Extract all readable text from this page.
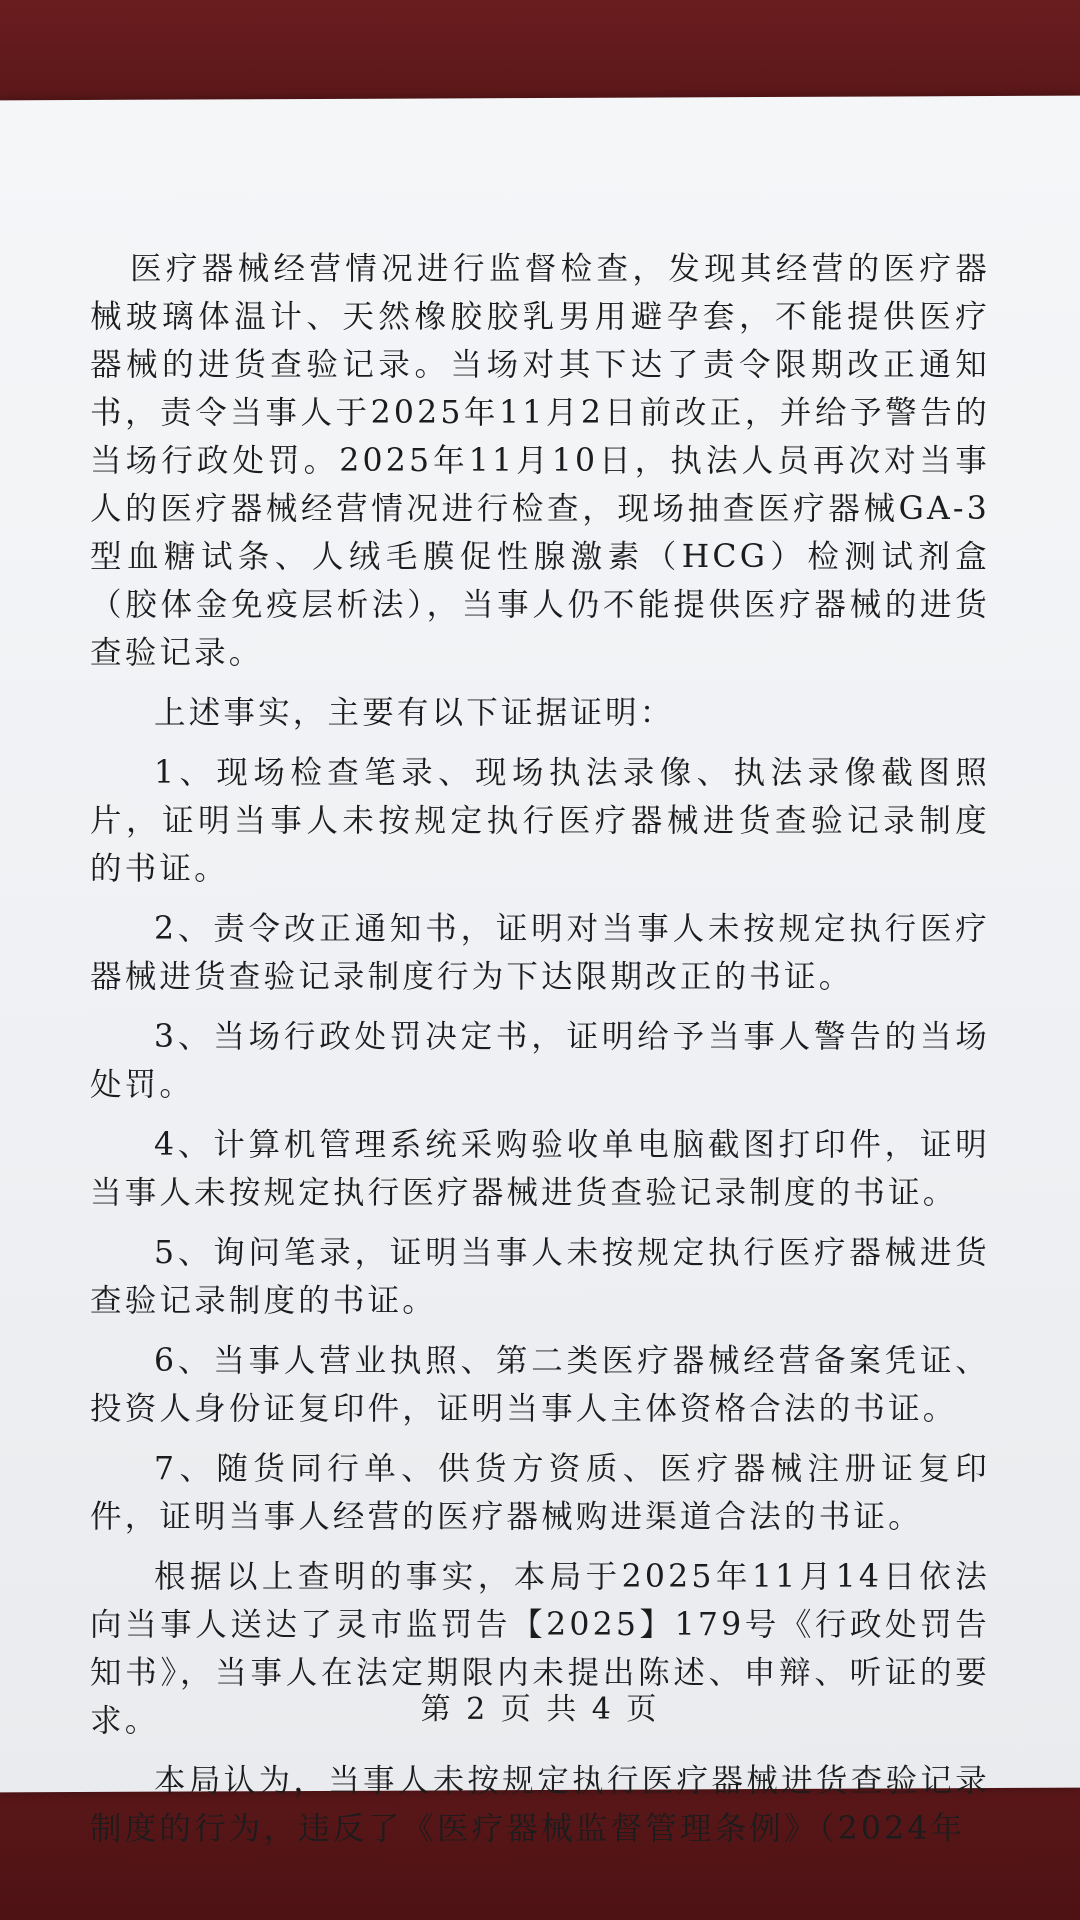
医疗器械经营情况进行监督检查，发现其经营的医疗器械玻璃体温计、天然橡胶胶乳男用避孕套，不能提供医疗器械的进货查验记录。当场对其下达了责令限期改正通知书，责令当事人于2025年11月2日前改正，并给予警告的当场行政处罚。2025年11月10日，执法人员再次对当事人的医疗器械经营情况进行检查，现场抽查医疗器械GA-3型血糖试条、人绒毛膜促性腺激素（HCG）检测试剂盒（胶体金免疫层析法），当事人仍不能提供医疗器械的进货查验记录。

上述事实，主要有以下证据证明：

1、现场检查笔录、现场执法录像、执法录像截图照片，证明当事人未按规定执行医疗器械进货查验记录制度的书证。

2、责令改正通知书，证明对当事人未按规定执行医疗器械进货查验记录制度行为下达限期改正的书证。

3、当场行政处罚决定书，证明给予当事人警告的当场处罚。

4、计算机管理系统采购验收单电脑截图打印件，证明当事人未按规定执行医疗器械进货查验记录制度的书证。

5、询问笔录，证明当事人未按规定执行医疗器械进货查验记录制度的书证。

6、当事人营业执照、第二类医疗器械经营备案凭证、投资人身份证复印件，证明当事人主体资格合法的书证。

7、随货同行单、供货方资质、医疗器械注册证复印件，证明当事人经营的医疗器械购进渠道合法的书证。

根据以上查明的事实，本局于2025年11月14日依法向当事人送达了灵市监罚告【2025】179号《行政处罚告知书》，当事人在法定期限内未提出陈述、申辩、听证的要求。

本局认为，当事人未按规定执行医疗器械进货查验记录制度的行为，违反了《医疗器械监督管理条例》（2024年

第 2 页 共 4 页
